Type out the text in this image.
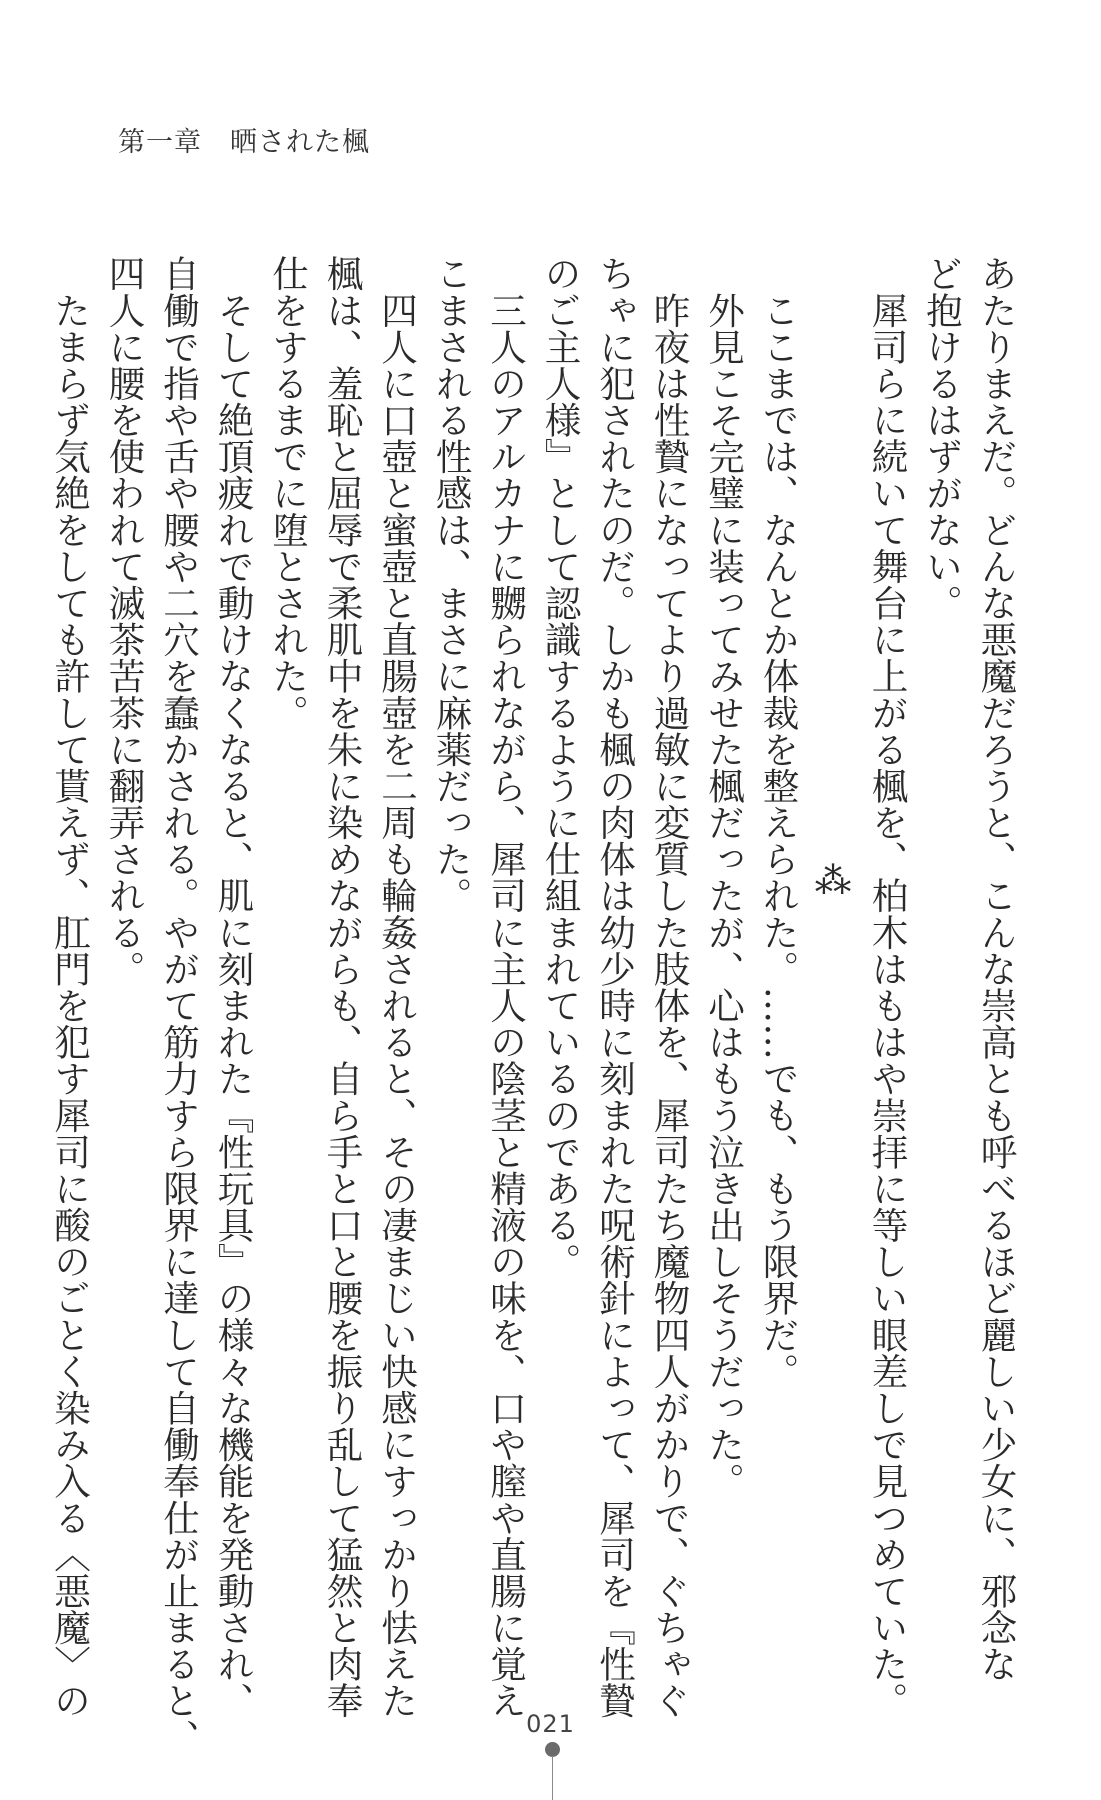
第一章　晒された楓

あたりまえだ。どんな悪魔だろうと、こんな崇高とも呼べるほど麗しい少女に、邪念な

ど抱けるはずがない。

　犀司らに続いて舞台に上がる楓を、柏木はもはや崇拝に等しい眼差しで見つめていた。

⁂

　ここまでは、なんとか体裁を整えられた。……でも、もう限界だ。

　外見こそ完璧に装ってみせた楓だったが、心はもう泣き出しそうだった。

　昨夜は性贄になってより過敏に変質した肢体を、犀司たち魔物四人がかりで、ぐちゃぐ

ちゃに犯されたのだ。しかも楓の肉体は幼少時に刻まれた呪術針によって、犀司を『性贄

のご主人様』として認識するように仕組まれているのである。

　三人のアルカナに嬲られながら、犀司に主人の陰茎と精液の味を、口や膣や直腸に覚え

こまされる性感は、まさに麻薬だった。

　四人に口壺と蜜壺と直腸壺を二周も輪姦されると、その凄まじい快感にすっかり怯えた

楓は、羞恥と屈辱で柔肌中を朱に染めながらも、自ら手と口と腰を振り乱して猛然と肉奉

仕をするまでに堕とされた。

　そして絶頂疲れで動けなくなると、肌に刻まれた『性玩具』の様々な機能を発動され、

自働で指や舌や腰や二穴を蠢かされる。やがて筋力すら限界に達して自働奉仕が止まると、

四人に腰を使われて滅茶苦茶に翻弄される。

　たまらず気絶をしても許して貰えず、肛門を犯す犀司に酸のごとく染み入る〈悪魔〉の

021
